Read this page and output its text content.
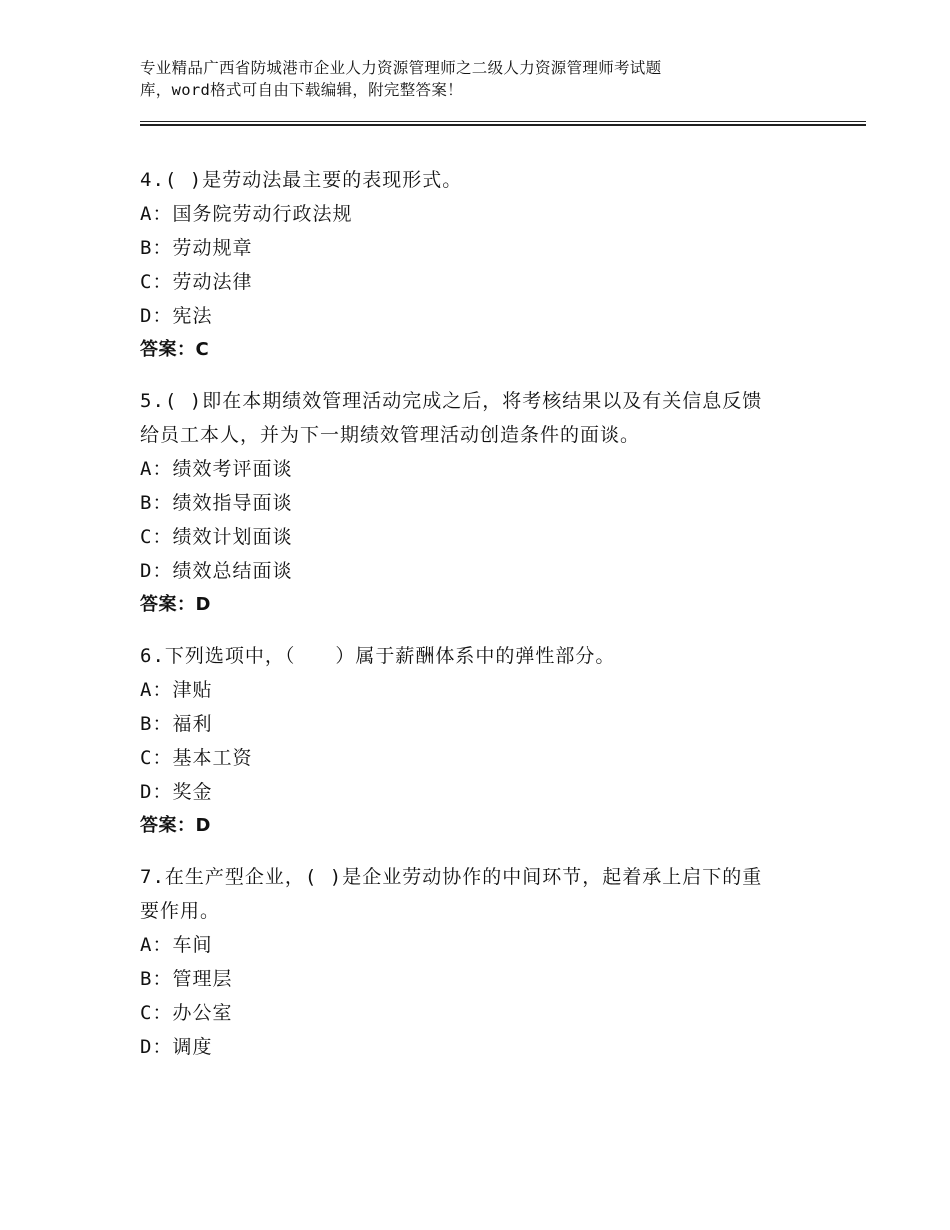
专业精品广西省防城港市企业人力资源管理师之二级人力资源管理师考试题
库，word格式可自由下载编辑，附完整答案！
4.( )是劳动法最主要的表现形式。
A：国务院劳动行政法规
B：劳动规章
C：劳动法律
D：宪法
答案：C
5.( )即在本期绩效管理活动完成之后，将考核结果以及有关信息反馈
给员工本人，并为下一期绩效管理活动创造条件的面谈。
A：绩效考评面谈
B：绩效指导面谈
C：绩效计划面谈
D：绩效总结面谈
答案：D
6.下列选项中，（　　）属于薪酬体系中的弹性部分。
A：津贴
B：福利
C：基本工资
D：奖金
答案：D
7.在生产型企业，( )是企业劳动协作的中间环节，起着承上启下的重
要作用。
A：车间
B：管理层
C：办公室
D：调度
